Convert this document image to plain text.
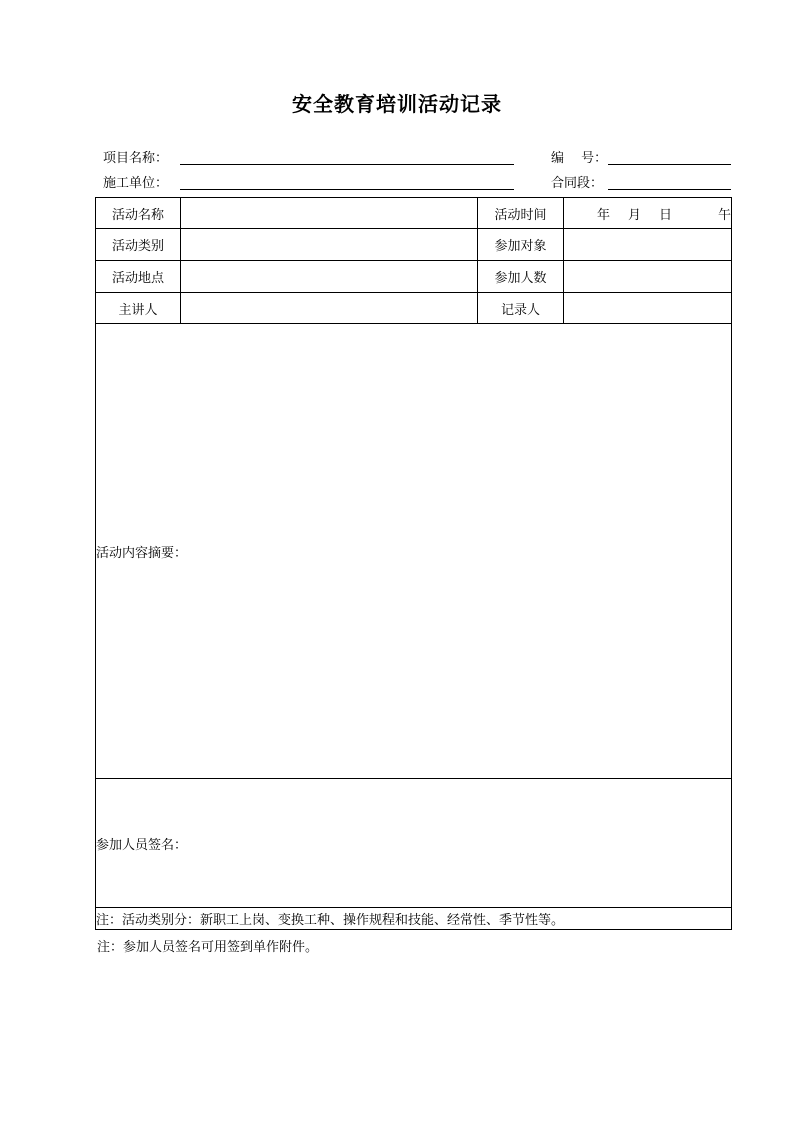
安全教育培训活动记录
项目名称：	编　 号：
施工单位：	合同段：
活动名称		活动时间	年 月 日 午
活动类别		参加对象	
活动地点		参加人数	
主讲人		记录人	
活动内容摘要：			
参加人员签名：			
注：活动类别分：新职工上岗、变换工种、操作规程和技能、经常性、季节性等。			
注：参加人员签名可用签到单作附件。
